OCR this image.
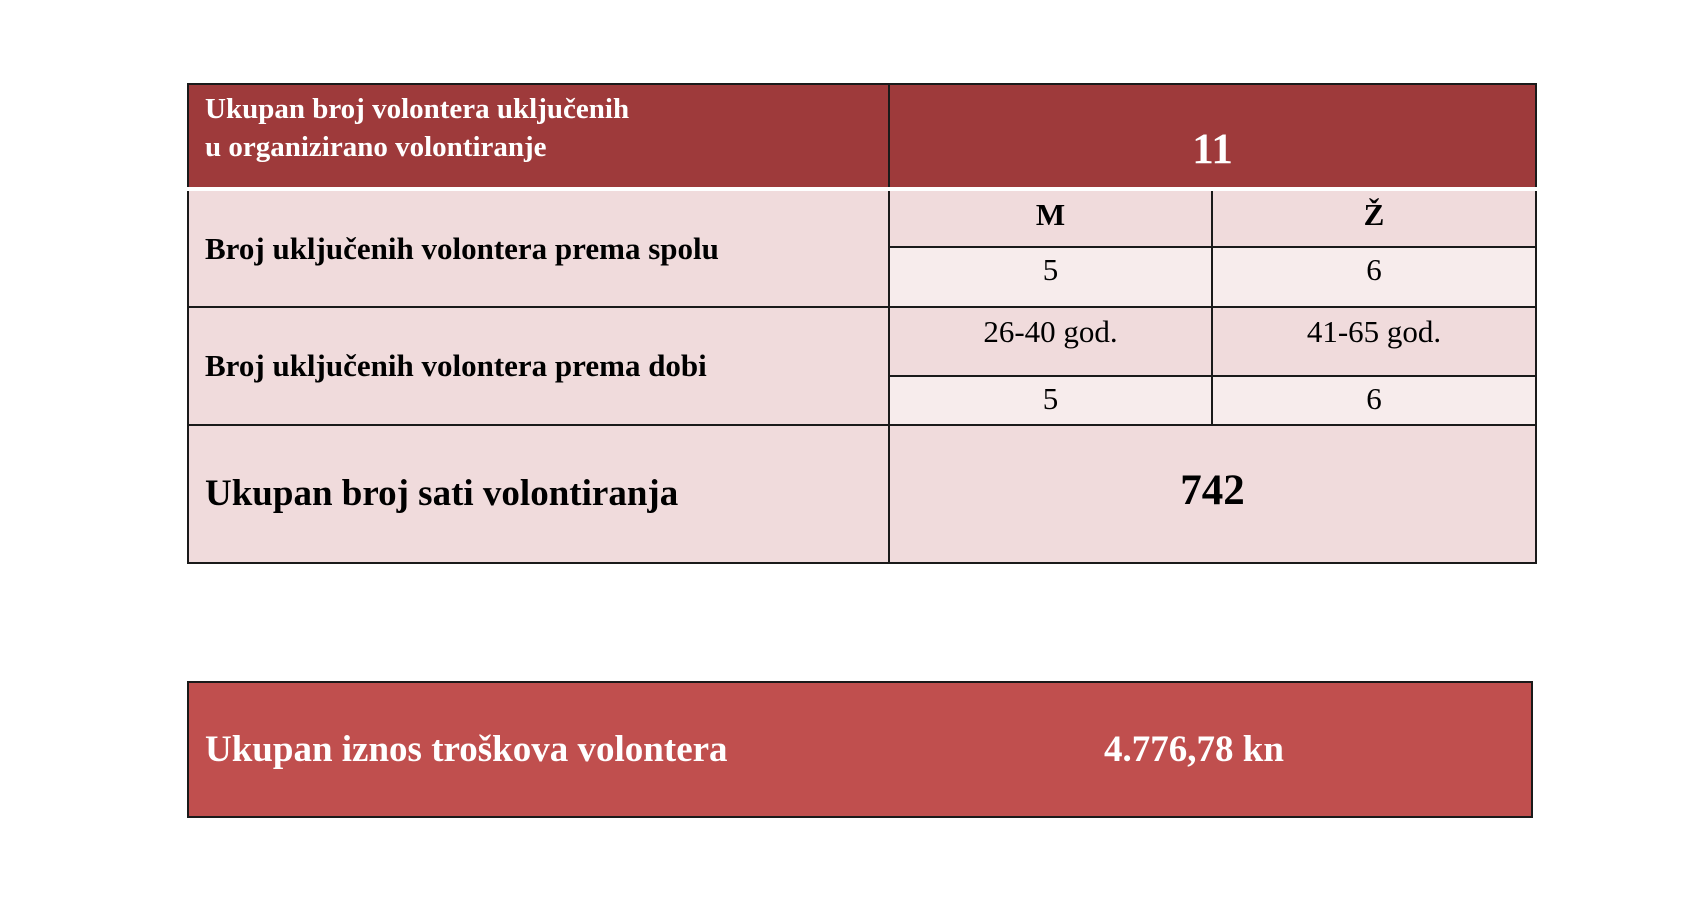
Ukupan broj volontera uključenih
u organizirano volontiranje	11	
Broj uključenih volontera prema spolu	M	Ž
	5	6
Broj uključenih volontera prema dobi	26-40 god.	41-65 god.
	5	6
Ukupan broj sati volontiranja	742	
Ukupan iznos troškova volontera	4.776,78 kn
